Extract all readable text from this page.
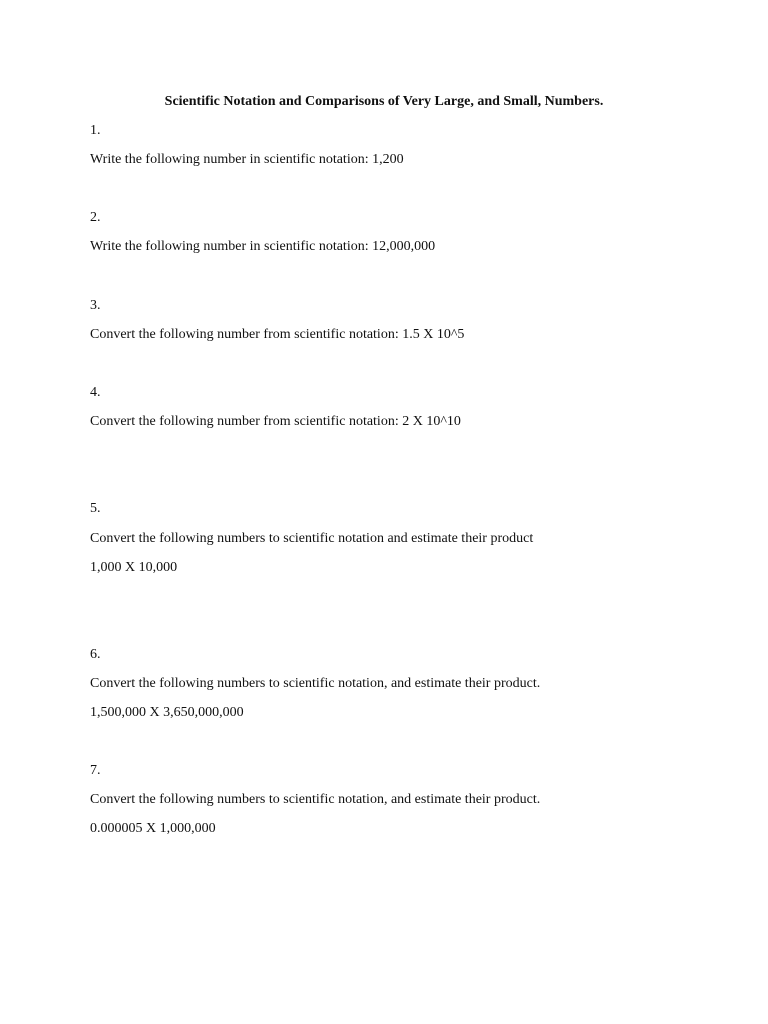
Scientific Notation and Comparisons of Very Large, and Small, Numbers.
1.
Write the following number in scientific notation: 1,200
2.
Write the following number in scientific notation: 12,000,000
3.
Convert the following number from scientific notation: 1.5 X 10^5
4.
Convert the following number from scientific notation: 2 X 10^10
5.
Convert the following numbers to scientific notation and estimate their product
1,000 X 10,000
6.
Convert the following numbers to scientific notation, and estimate their product.
1,500,000 X 3,650,000,000
7.
Convert the following numbers to scientific notation, and estimate their product.
0.000005 X 1,000,000
